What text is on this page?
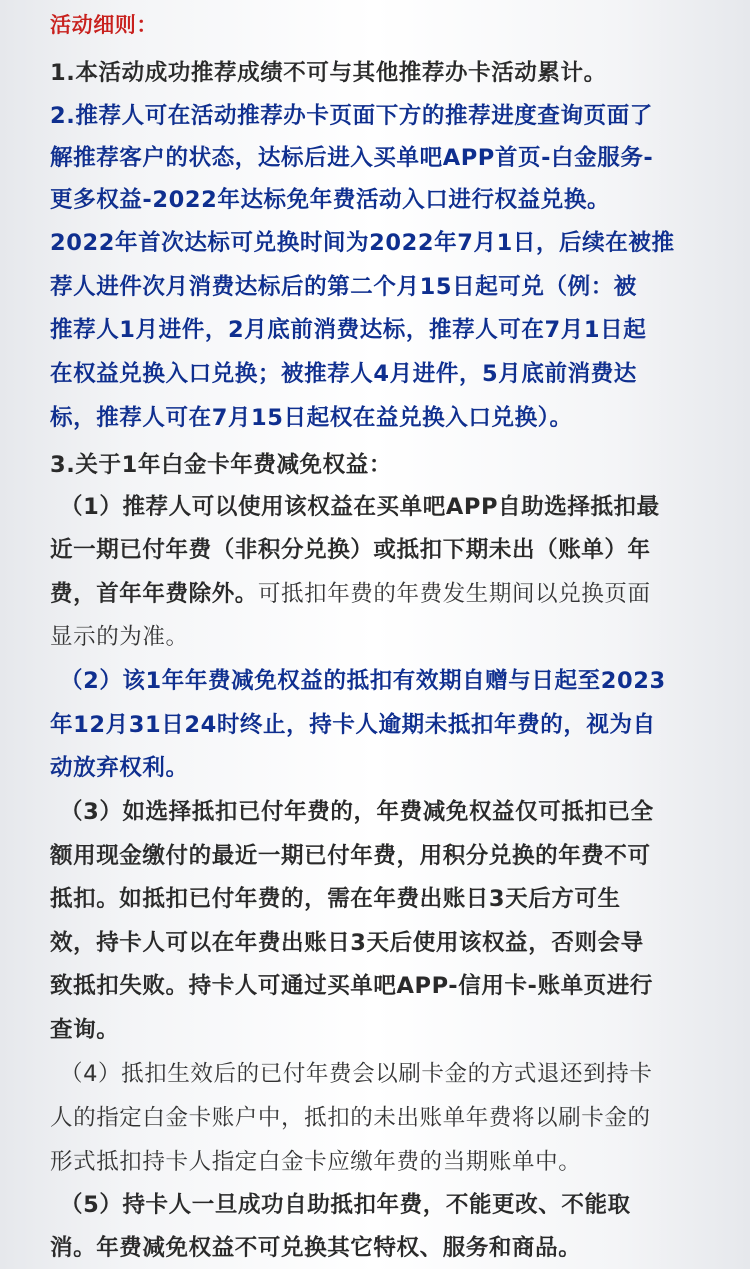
活动细则：
1.本活动成功推荐成绩不可与其他推荐办卡活动累计。
2.推荐人可在活动推荐办卡页面下方的推荐进度查询页面了
解推荐客户的状态，达标后进入买单吧APP首页-白金服务-
更多权益-2022年达标免年费活动入口进行权益兑换。
2022年首次达标可兑换时间为2022年7月1日，后续在被推
荐人进件次月消费达标后的第二个月15日起可兑（例：被
推荐人1月进件，2月底前消费达标，推荐人可在7月1日起
在权益兑换入口兑换；被推荐人4月进件，5月底前消费达
标，推荐人可在7月15日起权在益兑换入口兑换）。
3.关于1年白金卡年费减免权益：
（1）推荐人可以使用该权益在买单吧APP自助选择抵扣最
近一期已付年费（非积分兑换）或抵扣下期未出（账单）年
费，首年年费除外。可抵扣年费的年费发生期间以兑换页面
显示的为准。
（2）该1年年费减免权益的抵扣有效期自赠与日起至2023
年12月31日24时终止，持卡人逾期未抵扣年费的，视为自
动放弃权利。
（3）如选择抵扣已付年费的，年费减免权益仅可抵扣已全
额用现金缴付的最近一期已付年费，用积分兑换的年费不可
抵扣。如抵扣已付年费的，需在年费出账日3天后方可生
效，持卡人可以在年费出账日3天后使用该权益，否则会导
致抵扣失败。持卡人可通过买单吧APP-信用卡-账单页进行
查询。
（4）抵扣生效后的已付年费会以刷卡金的方式退还到持卡
人的指定白金卡账户中，抵扣的未出账单年费将以刷卡金的
形式抵扣持卡人指定白金卡应缴年费的当期账单中。
（5）持卡人一旦成功自助抵扣年费，不能更改、不能取
消。年费减免权益不可兑换其它特权、服务和商品。
